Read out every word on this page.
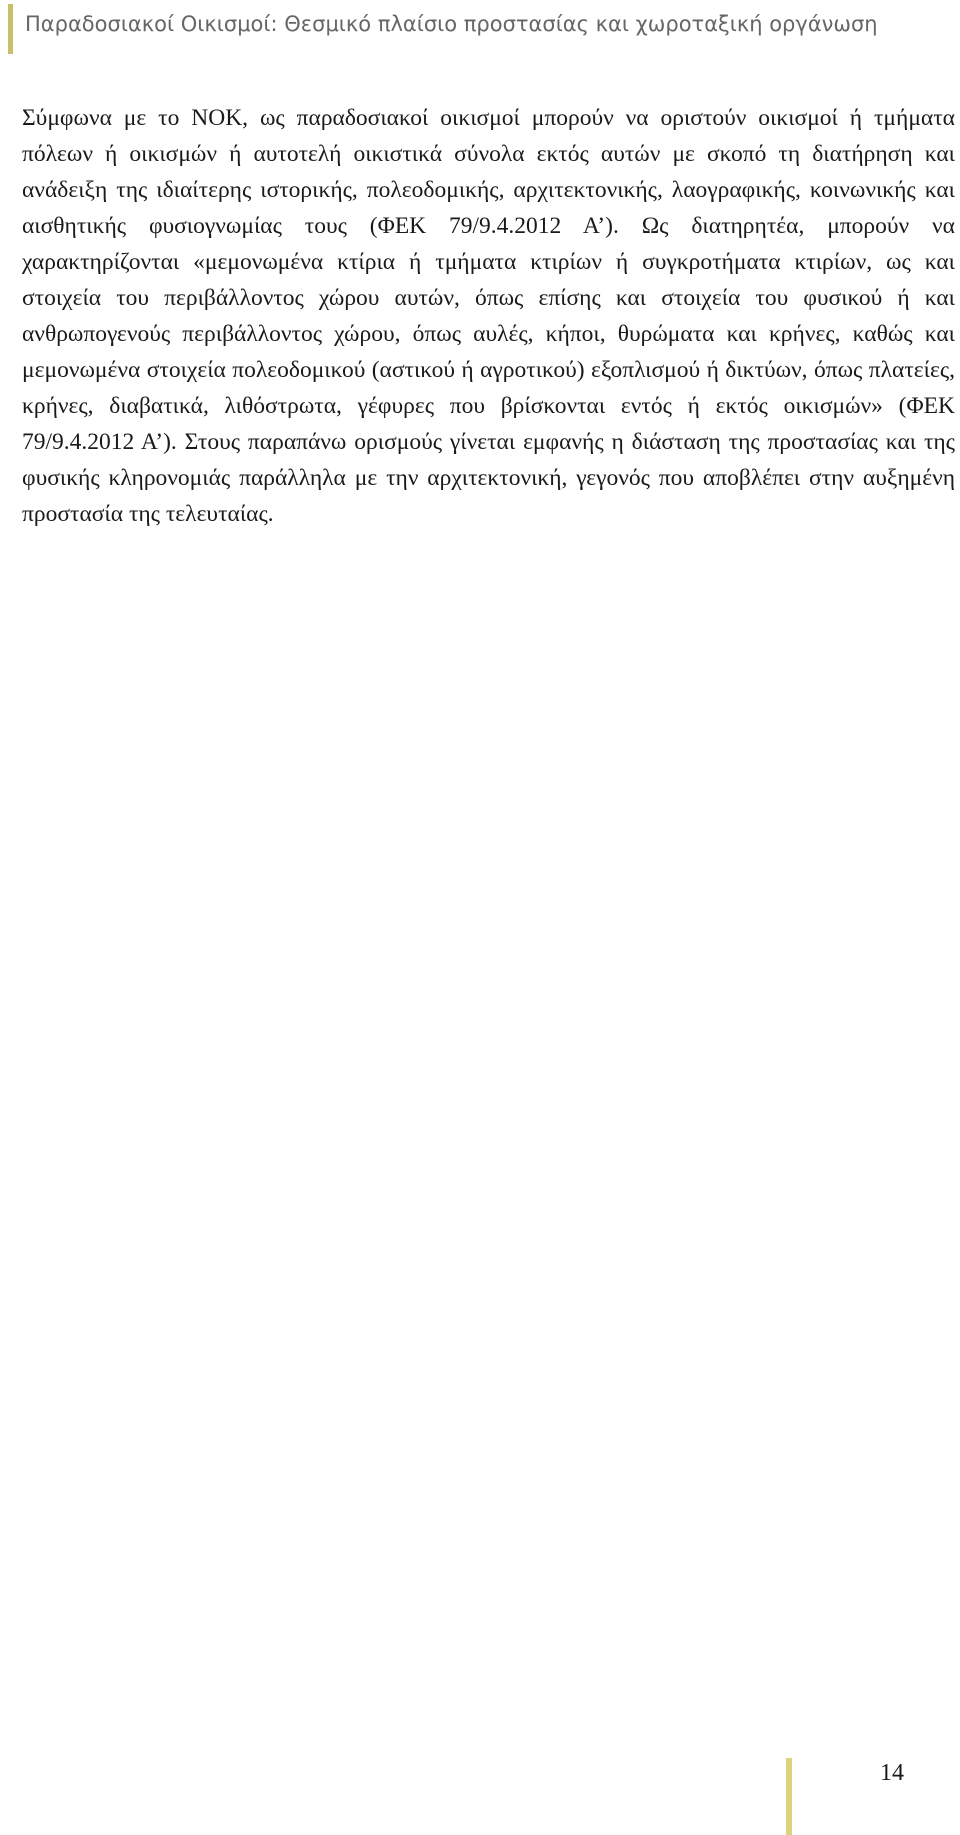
Παραδοσιακοί Οικισμοί: Θεσμικό πλαίσιο προστασίας και χωροταξική οργάνωση

Σύμφωνα με το ΝΟΚ, ως παραδοσιακοί οικισμοί μπορούν να οριστούν οικισμοί ή τμήματα πόλεων ή οικισμών ή αυτοτελή οικιστικά σύνολα εκτός αυτών με σκοπό τη διατήρηση και ανάδειξη της ιδιαίτερης ιστορικής, πολεοδομικής, αρχιτεκτονικής, λαογραφικής, κοινωνικής και αισθητικής φυσιογνωμίας τους (ΦΕΚ 79/9.4.2012 Α’). Ως διατηρητέα, μπορούν να χαρακτηρίζονται «μεμονωμένα κτίρια ή τμήματα κτιρίων ή συγκροτήματα κτιρίων, ως και στοιχεία του περιβάλλοντος χώρου αυτών, όπως επίσης και στοιχεία του φυσικού ή και ανθρωπογενούς περιβάλλοντος χώρου, όπως αυλές, κήποι, θυρώματα και κρήνες, καθώς και μεμονωμένα στοιχεία πολεοδομικού (αστικού ή αγροτικού) εξοπλισμού ή δικτύων, όπως πλατείες, κρήνες, διαβατικά, λιθόστρωτα, γέφυρες που βρίσκονται εντός ή εκτός οικισμών» (ΦΕΚ 79/9.4.2012 Α’). Στους παραπάνω ορισμούς γίνεται εμφανής η διάσταση της προστασίας και της φυσικής κληρονομιάς παράλληλα με την αρχιτεκτονική, γεγονός που αποβλέπει στην αυξημένη προστασία της τελευταίας.

14
